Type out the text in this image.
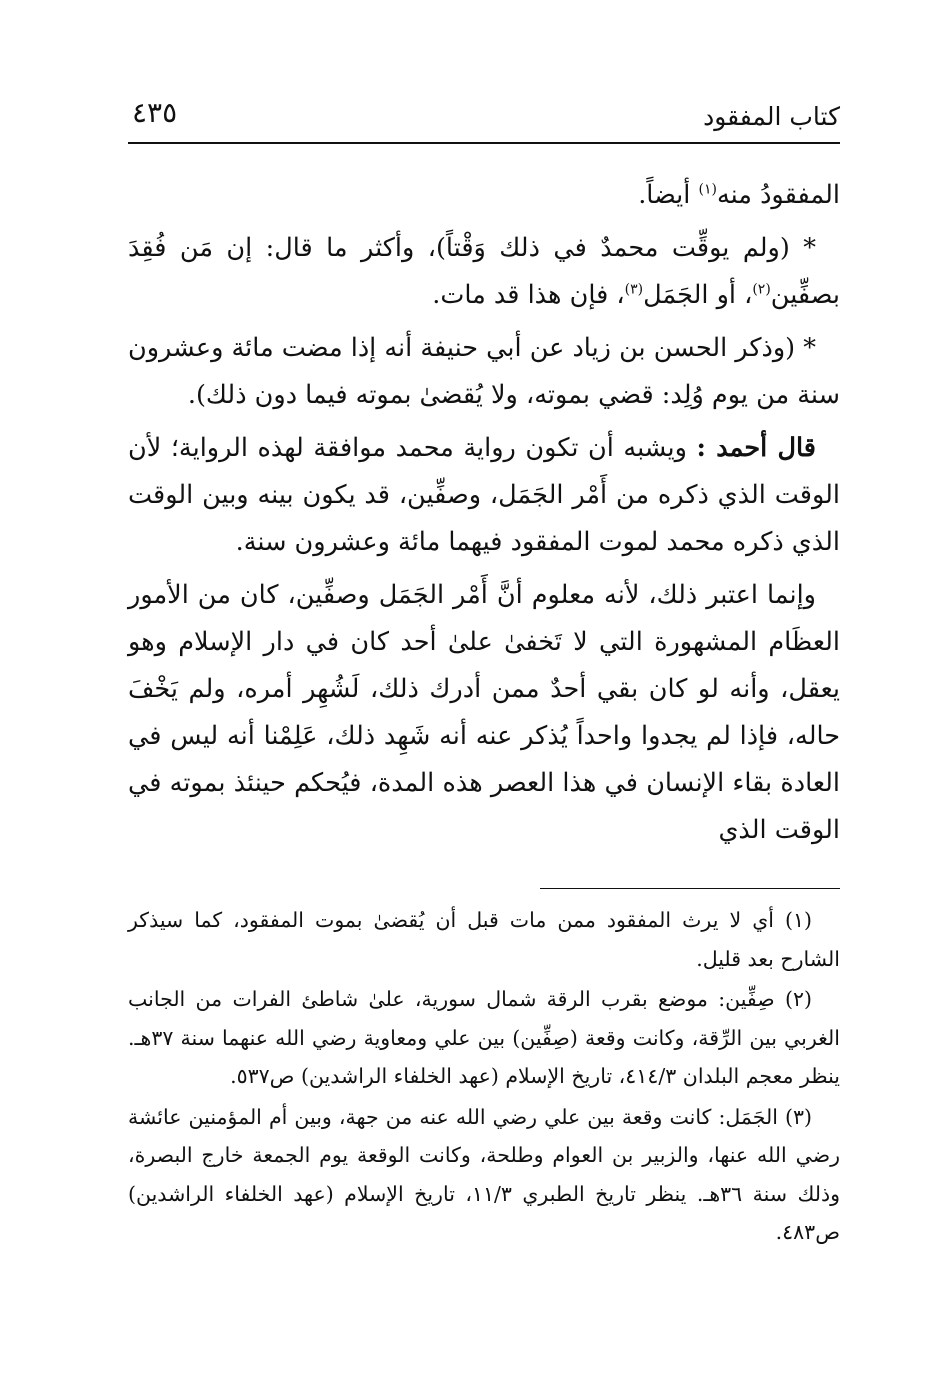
كتاب المفقود
٤٣٥

المفقودُ منه$^{(١)}$ أيضاً.

* (ولم يوقِّت محمدٌ في ذلك وَقْتاً)، وأكثر ما قال: إن مَن فُقِدَ بصفِّين$^{(٢)}$، أو الجَمَل$^{(٣)}$، فإن هذا قد مات.

* (وذكر الحسن بن زياد عن أبي حنيفة أنه إذا مضت مائة وعشرون سنة من يوم وُلِد: قضي بموته، ولا يُقضىٰ بموته فيما دون ذلك).

قال أحمد : ويشبه أن تكون رواية محمد موافقة لهذه الرواية؛ لأن الوقت الذي ذكره من أَمْر الجَمَل، وصفِّين، قد يكون بينه وبين الوقت الذي ذكره محمد لموت المفقود فيهما مائة وعشرون سنة.

وإنما اعتبر ذلك، لأنه معلوم أنَّ أَمْر الجَمَل وصفِّين، كان من الأمور العظَام المشهورة التي لا تَخفىٰ علىٰ أحد كان في دار الإسلام وهو يعقل، وأنه لو كان بقي أحدٌ ممن أدرك ذلك، لَشُهِر أمره، ولم يَخْفَ حاله، فإذا لم يجدوا واحداً يُذكر عنه أنه شَهِد ذلك، عَلِمْنا أنه ليس في العادة بقاء الإنسان في هذا العصر هذه المدة، فيُحكم حينئذ بموته في الوقت الذي

(١) أي لا يرث المفقود ممن مات قبل أن يُقضىٰ بموت المفقود، كما سيذكر الشارح بعد قليل.

(٢) صِفِّين: موضع بقرب الرقة شمال سورية، علىٰ شاطئ الفرات من الجانب الغربي بين الرِّقة، وكانت وقعة (صِفِّين) بين علي ومعاوية رضي الله عنهما سنة ٣٧هـ. ينظر معجم البلدان ٤١٤/٣، تاريخ الإسلام (عهد الخلفاء الراشدين) ص٥٣٧.

(٣) الجَمَل: كانت وقعة بين علي رضي الله عنه من جهة، وبين أم المؤمنين عائشة رضي الله عنها، والزبير بن العوام وطلحة، وكانت الوقعة يوم الجمعة خارج البصرة، وذلك سنة ٣٦هـ. ينظر تاريخ الطبري ١١/٣، تاريخ الإسلام (عهد الخلفاء الراشدين) ص٤٨٣.
